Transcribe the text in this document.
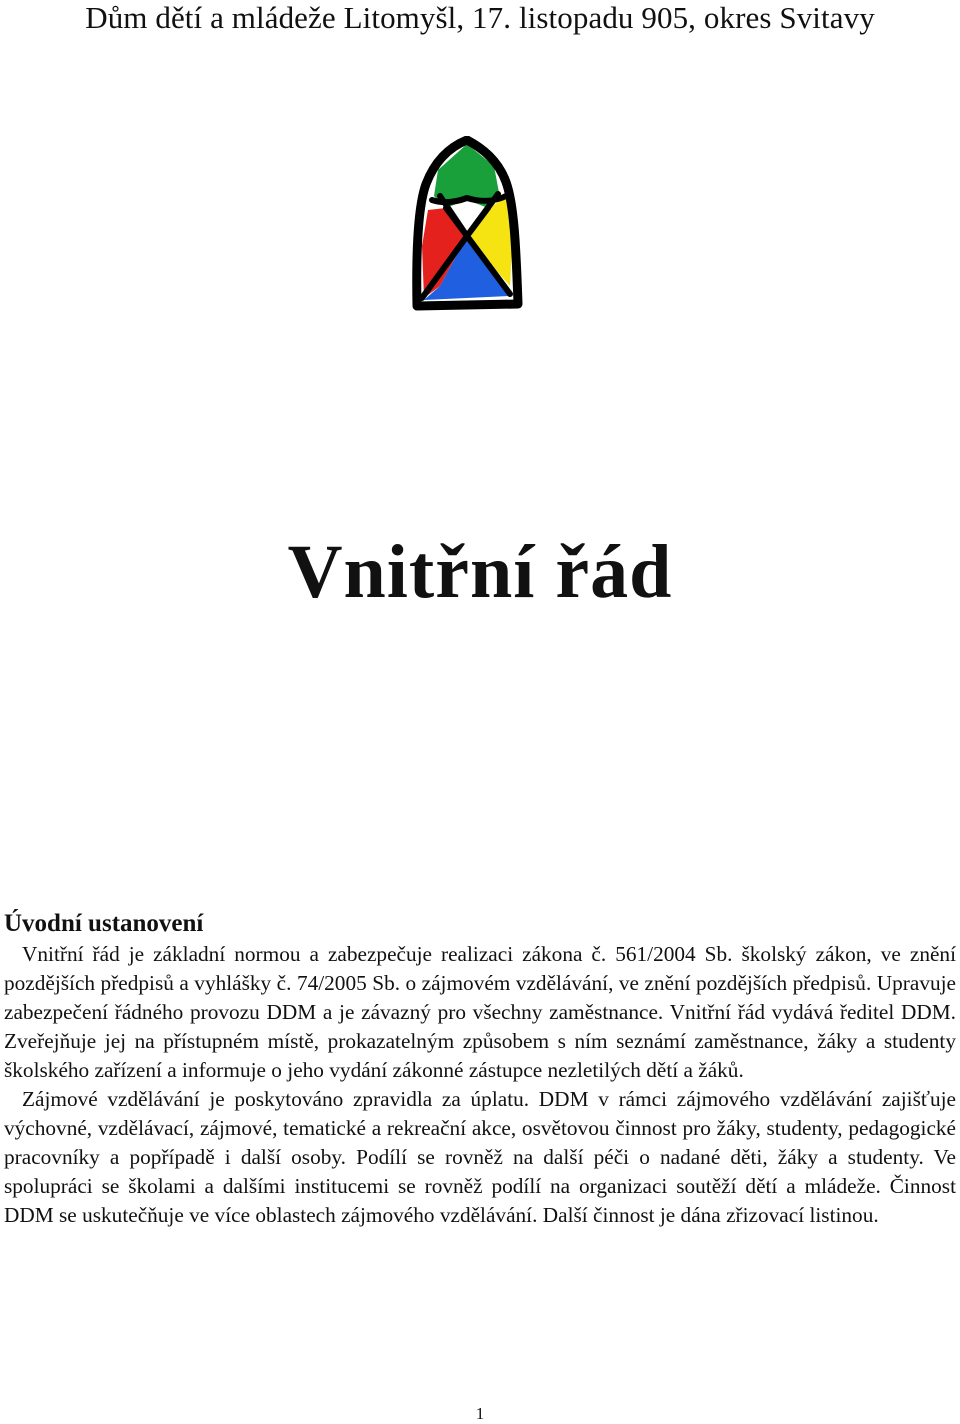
Dům dětí a mládeže Litomyšl, 17. listopadu 905, okres Svitavy
Vnitřní řád
Úvodní ustanovení

Vnitřní řád je základní normou a zabezpečuje realizaci zákona č. 561/2004 Sb. školský zákon, ve znění pozdějších předpisů a vyhlášky č. 74/2005 Sb. o zájmovém vzdělávání, ve znění pozdějších předpisů. Upravuje zabezpečení řádného provozu DDM a je závazný pro všechny zaměstnance. Vnitřní řád vydává ředitel DDM. Zveřejňuje jej na přístupném místě, prokazatelným způsobem s ním seznámí zaměstnance, žáky a studenty školského zařízení a informuje o jeho vydání zákonné zástupce nezletilých dětí a žáků.

Zájmové vzdělávání je poskytováno zpravidla za úplatu. DDM v rámci zájmového vzdělávání zajišťuje výchovné, vzdělávací, zájmové, tematické a rekreační akce, osvětovou činnost pro žáky, studenty, pedagogické pracovníky a popřípadě i další osoby. Podílí se rovněž na další péči o nadané děti, žáky a studenty. Ve spolupráci se školami a dalšími institucemi se rovněž podílí na organizaci soutěží dětí a mládeže. Činnost DDM se uskutečňuje ve více oblastech zájmového vzdělávání. Další činnost je dána zřizovací listinou.

1
